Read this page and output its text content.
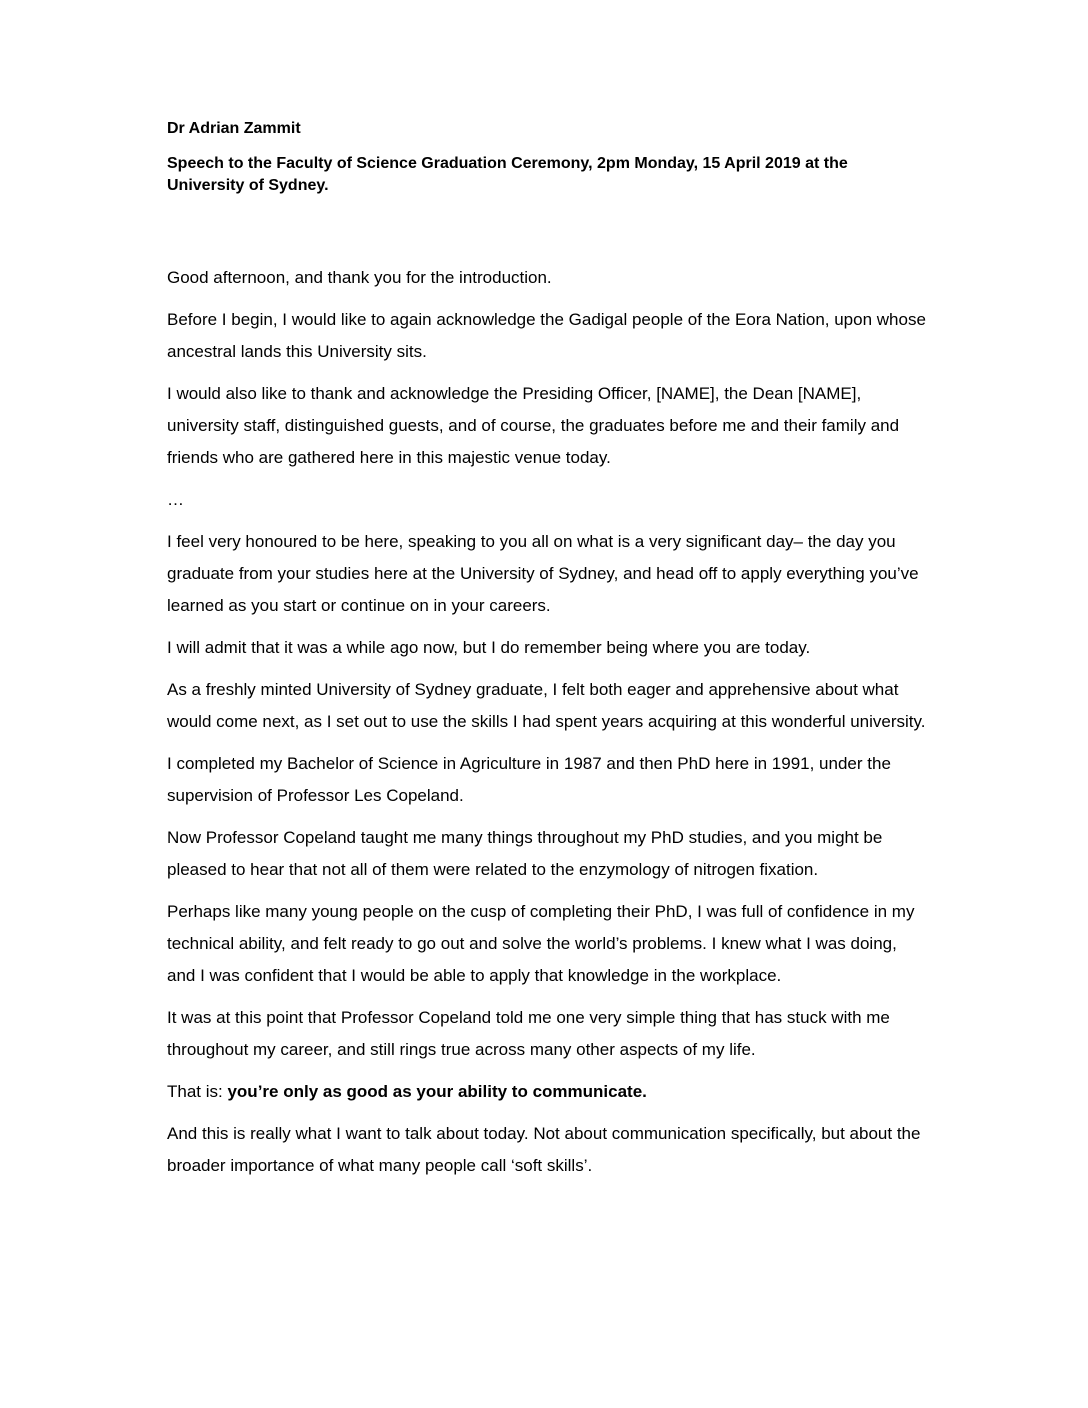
Dr Adrian Zammit
Speech to the Faculty of Science Graduation Ceremony, 2pm Monday, 15 April 2019 at the University of Sydney.

Good afternoon, and thank you for the introduction.

Before I begin, I would like to again acknowledge the Gadigal people of the Eora Nation, upon whose ancestral lands this University sits.

I would also like to thank and acknowledge the Presiding Officer, [NAME], the Dean [NAME], university staff, distinguished guests, and of course, the graduates before me and their family and friends who are gathered here in this majestic venue today.

…

I feel very honoured to be here, speaking to you all on what is a very significant day– the day you graduate from your studies here at the University of Sydney, and head off to apply everything you’ve learned as you start or continue on in your careers.

I will admit that it was a while ago now, but I do remember being where you are today.

As a freshly minted University of Sydney graduate, I felt both eager and apprehensive about what would come next, as I set out to use the skills I had spent years acquiring at this wonderful university.

I completed my Bachelor of Science in Agriculture in 1987 and then PhD here in 1991, under the supervision of Professor Les Copeland.

Now Professor Copeland taught me many things throughout my PhD studies, and you might be pleased to hear that not all of them were related to the enzymology of nitrogen fixation.

Perhaps like many young people on the cusp of completing their PhD, I was full of confidence in my technical ability, and felt ready to go out and solve the world’s problems. I knew what I was doing, and I was confident that I would be able to apply that knowledge in the workplace.

It was at this point that Professor Copeland told me one very simple thing that has stuck with me throughout my career, and still rings true across many other aspects of my life.

That is: you’re only as good as your ability to communicate.

And this is really what I want to talk about today. Not about communication specifically, but about the broader importance of what many people call ‘soft skills’.
